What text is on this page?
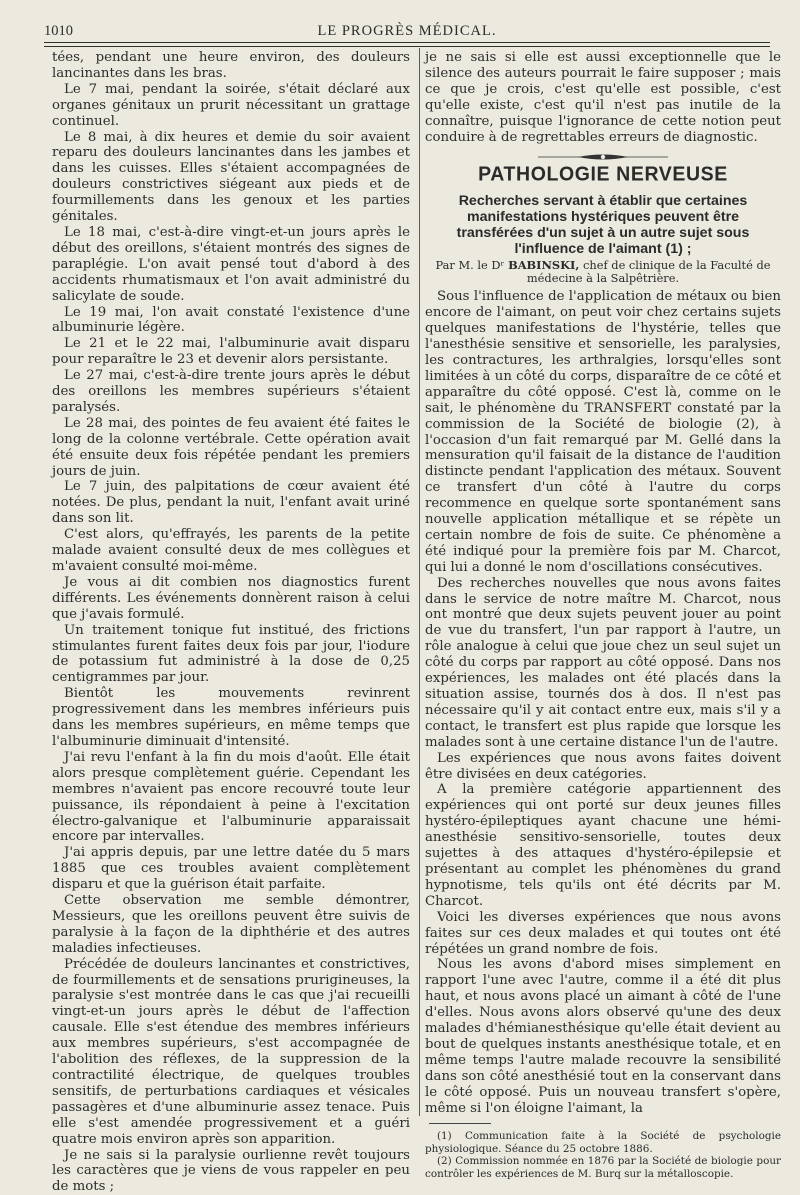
1010	LE PROGRÈS MÉDICAL.

tées, pendant une heure environ, des douleurs lancinantes dans les bras.

Le 7 mai, pendant la soirée, s'était déclaré aux organes génitaux un prurit nécessitant un grattage continuel.

Le 8 mai, à dix heures et demie du soir avaient reparu des douleurs lancinantes dans les jambes et dans les cuisses. Elles s'étaient accompagnées de douleurs constrictives siégeant aux pieds et de fourmillements dans les genoux et les parties génitales.

Le 18 mai, c'est-à-dire vingt-et-un jours après le début des oreillons, s'étaient montrés des signes de paraplégie. L'on avait pensé tout d'abord à des accidents rhumatismaux et l'on avait administré du salicylate de soude.

Le 19 mai, l'on avait constaté l'existence d'une albuminurie légère.

Le 21 et le 22 mai, l'albuminurie avait disparu pour reparaître le 23 et devenir alors persistante.

Le 27 mai, c'est-à-dire trente jours après le début des oreillons les membres supérieurs s'étaient paralysés.

Le 28 mai, des pointes de feu avaient été faites le long de la colonne vertébrale. Cette opération avait été ensuite deux fois répétée pendant les premiers jours de juin.

Le 7 juin, des palpitations de cœur avaient été notées. De plus, pendant la nuit, l'enfant avait uriné dans son lit.

C'est alors, qu'effrayés, les parents de la petite malade avaient consulté deux de mes collègues et m'avaient consulté moi-même.

Je vous ai dit combien nos diagnostics furent différents. Les événements donnèrent raison à celui que j'avais formulé.

Un traitement tonique fut institué, des frictions stimulantes furent faites deux fois par jour, l'iodure de potassium fut administré à la dose de 0,25 centigrammes par jour.

Bientôt les mouvements revinrent progressivement dans les membres inférieurs puis dans les membres supérieurs, en même temps que l'albuminurie diminuait d'intensité.

J'ai revu l'enfant à la fin du mois d'août. Elle était alors presque complètement guérie. Cependant les membres n'avaient pas encore recouvré toute leur puissance, ils répondaient à peine à l'excitation électro-galvanique et l'albuminurie apparaissait encore par intervalles.

J'ai appris depuis, par une lettre datée du 5 mars 1885 que ces troubles avaient complètement disparu et que la guérison était parfaite.

Cette observation me semble démontrer, Messieurs, que les oreillons peuvent être suivis de paralysie à la façon de la diphthérie et des autres maladies infectieuses.

Précédée de douleurs lancinantes et constrictives, de fourmillements et de sensations prurigineuses, la paralysie s'est montrée dans le cas que j'ai recueilli vingt-et-un jours après le début de l'affection causale. Elle s'est étendue des membres inférieurs aux membres supérieurs, s'est accompagnée de l'abolition des réflexes, de la suppression de la contractilité électrique, de quelques troubles sensitifs, de perturbations cardiaques et vésicales passagères et d'une albuminurie assez tenace. Puis elle s'est amendée progressivement et a guéri quatre mois environ après son apparition.

Je ne sais si la paralysie ourlienne revêt toujours les caractères que je viens de vous rappeler en peu de mots ;

je ne sais si elle est aussi exceptionnelle que le silence des auteurs pourrait le faire supposer ; mais ce que je crois, c'est qu'elle est possible, c'est qu'elle existe, c'est qu'il n'est pas inutile de la connaître, puisque l'ignorance de cette notion peut conduire à de regrettables erreurs de diagnostic.

PATHOLOGIE NERVEUSE
Recherches servant à établir que certaines manifestations hystériques peuvent être transférées d'un sujet à un autre sujet sous l'influence de l'aimant (1) ;
Par M. le Dʳ BABINSKI, chef de clinique de la Faculté de médecine à la Salpêtrière.

Sous l'influence de l'application de métaux ou bien encore de l'aimant, on peut voir chez certains sujets quelques manifestations de l'hystérie, telles que l'anesthésie sensitive et sensorielle, les paralysies, les contractures, les arthralgies, lorsqu'elles sont limitées à un côté du corps, disparaître de ce côté et apparaître du côté opposé. C'est là, comme on le sait, le phénomène du TRANSFERT constaté par la commission de la Société de biologie (2), à l'occasion d'un fait remarqué par M. Gellé dans la mensuration qu'il faisait de la distance de l'audition distincte pendant l'application des métaux. Souvent ce transfert d'un côté à l'autre du corps recommence en quelque sorte spontanément sans nouvelle application métallique et se répète un certain nombre de fois de suite. Ce phénomène a été indiqué pour la première fois par M. Charcot, qui lui a donné le nom d'oscillations consécutives.

Des recherches nouvelles que nous avons faites dans le service de notre maître M. Charcot, nous ont montré que deux sujets peuvent jouer au point de vue du transfert, l'un par rapport à l'autre, un rôle analogue à celui que joue chez un seul sujet un côté du corps par rapport au côté opposé. Dans nos expériences, les malades ont été placés dans la situation assise, tournés dos à dos. Il n'est pas nécessaire qu'il y ait contact entre eux, mais s'il y a contact, le transfert est plus rapide que lorsque les malades sont à une certaine distance l'un de l'autre.

Les expériences que nous avons faites doivent être divisées en deux catégories.

A la première catégorie appartiennent des expériences qui ont porté sur deux jeunes filles hystéro-épileptiques ayant chacune une hémi-anesthésie sensitivo-sensorielle, toutes deux sujettes à des attaques d'hystéro-épilepsie et présentant au complet les phénomènes du grand hypnotisme, tels qu'ils ont été décrits par M. Charcot.

Voici les diverses expériences que nous avons faites sur ces deux malades et qui toutes ont été répétées un grand nombre de fois.

Nous les avons d'abord mises simplement en rapport l'une avec l'autre, comme il a été dit plus haut, et nous avons placé un aimant à côté de l'une d'elles. Nous avons alors observé qu'une des deux malades d'hémianesthésique qu'elle était devient au bout de quelques instants anesthésique totale, et en même temps l'autre malade recouvre la sensibilité dans son côté anesthésié tout en la conservant dans le côté opposé. Puis un nouveau transfert s'opère, même si l'on éloigne l'aimant, la

(1) Communication faite à la Société de psychologie physiologique. Séance du 25 octobre 1886.

(2) Commission nommée en 1876 par la Société de biologie pour contrôler les expériences de M. Burq sur la métalloscopie.
